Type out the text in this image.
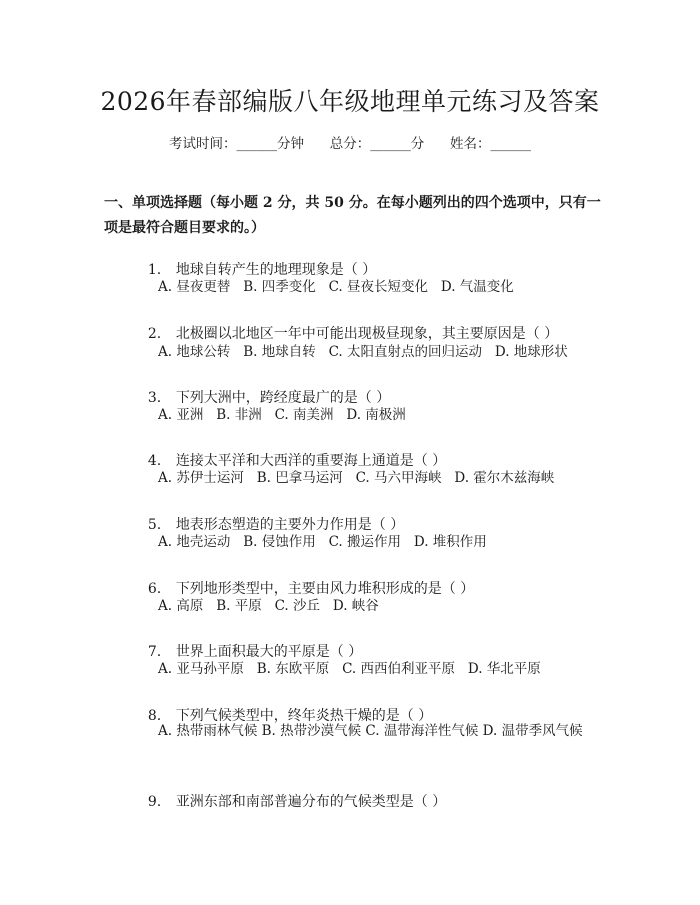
2026年春部编版八年级地理单元练习及答案
考试时间：______分钟      总分：______分      姓名：______

一、单项选择题（每小题 2 分，共 50 分。在每小题列出的四个选项中，只有一项是最符合题目要求的。）

1. 地球自转产生的地理现象是（ ）

A. 昼夜更替   B. 四季变化   C. 昼夜长短变化   D. 气温变化

2. 北极圈以北地区一年中可能出现极昼现象，其主要原因是（ ）

A. 地球公转   B. 地球自转   C. 太阳直射点的回归运动   D. 地球形状

3. 下列大洲中，跨经度最广的是（ ）

A. 亚洲   B. 非洲   C. 南美洲   D. 南极洲

4. 连接太平洋和大西洋的重要海上通道是（ ）

A. 苏伊士运河   B. 巴拿马运河   C. 马六甲海峡   D. 霍尔木兹海峡

5. 地表形态塑造的主要外力作用是（ ）

A. 地壳运动   B. 侵蚀作用   C. 搬运作用   D. 堆积作用

6. 下列地形类型中，主要由风力堆积形成的是（ ）

A. 高原   B. 平原   C. 沙丘   D. 峡谷

7. 世界上面积最大的平原是（ ）

A. 亚马孙平原   B. 东欧平原   C. 西西伯利亚平原   D. 华北平原

8. 下列气候类型中，终年炎热干燥的是（ ）

A. 热带雨林气候 B. 热带沙漠气候 C. 温带海洋性气候 D. 温带季风气候

9. 亚洲东部和南部普遍分布的气候类型是（ ）
